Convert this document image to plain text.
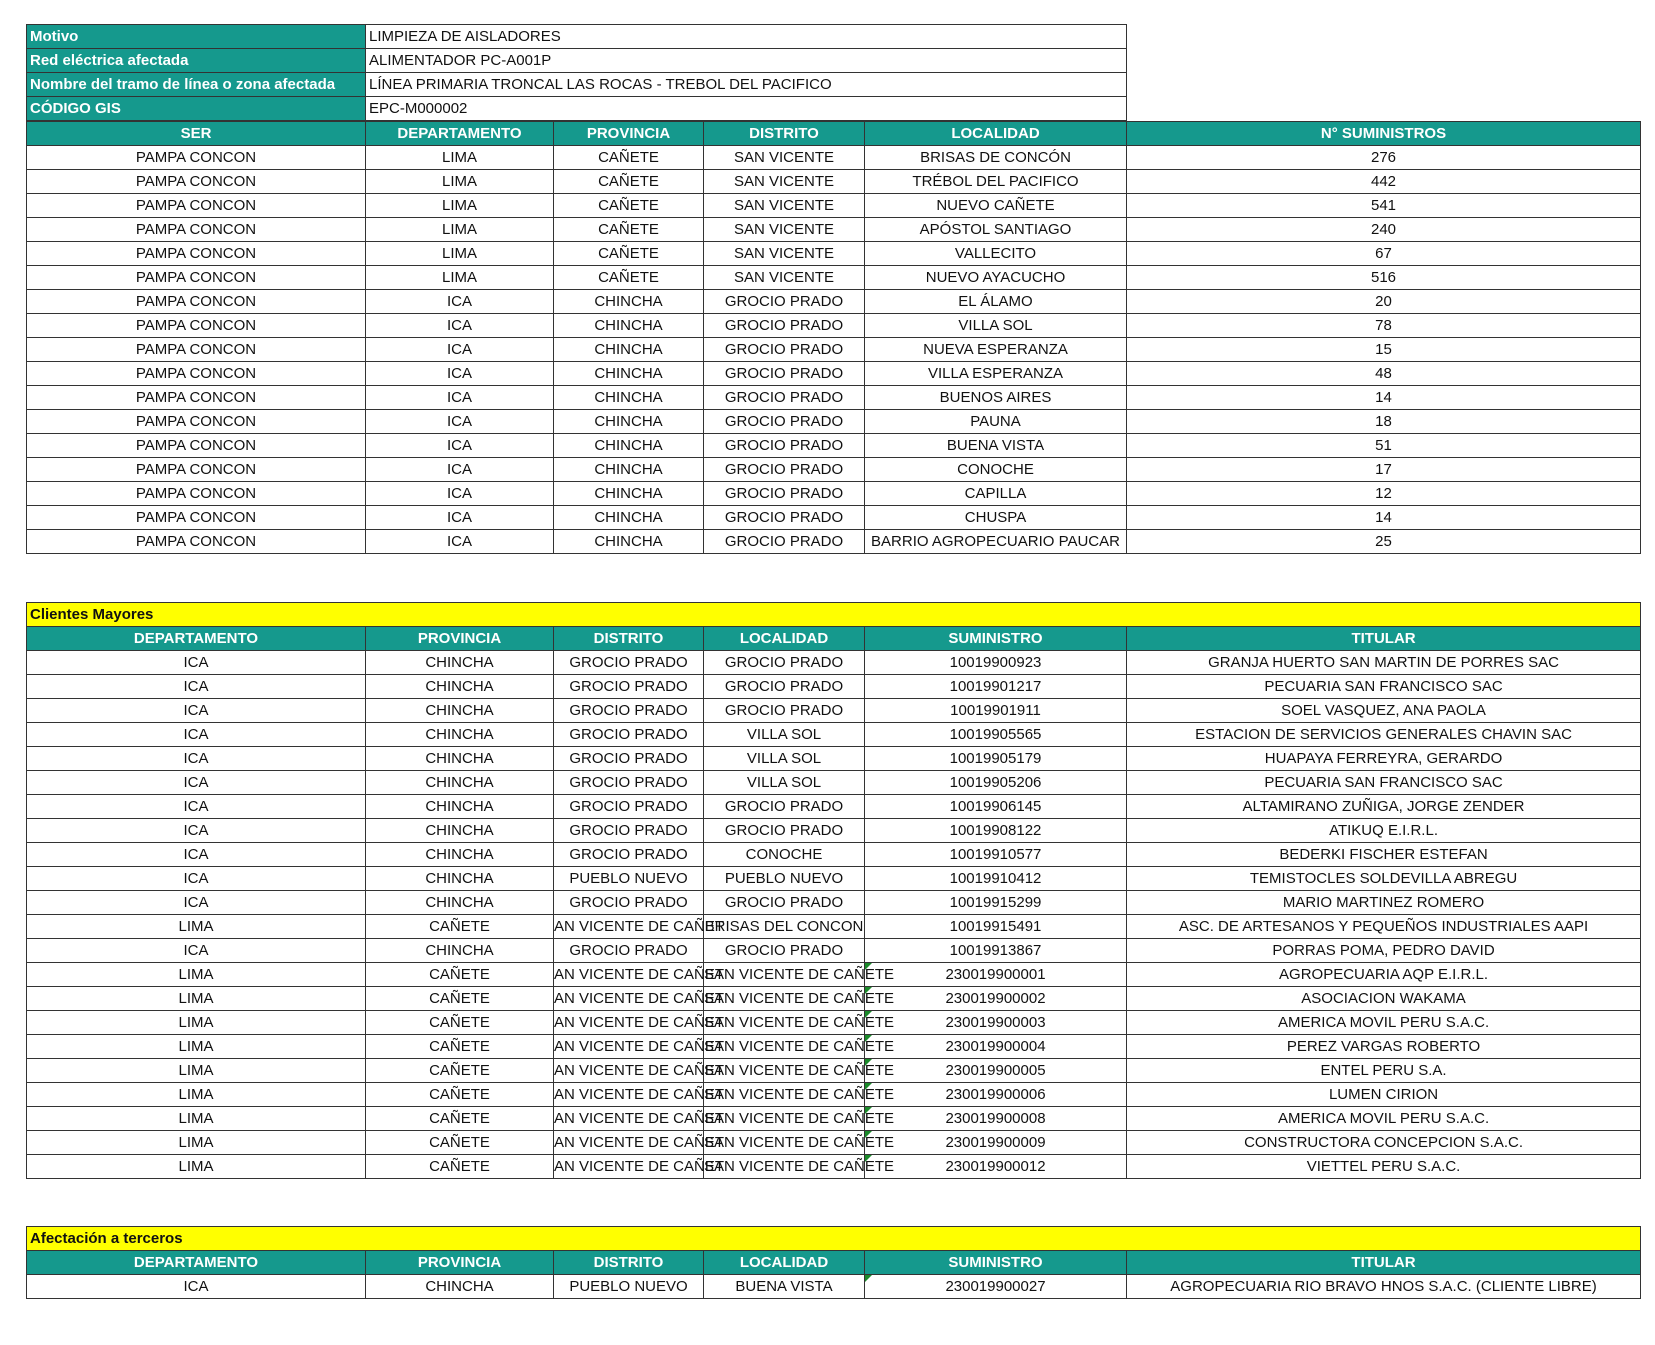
Motivo	LIMPIEZA DE AISLADORES	
Red eléctrica afectada	ALIMENTADOR PC-A001P	
Nombre del tramo de línea o zona afectada	LÍNEA PRIMARIA TRONCAL LAS ROCAS - TREBOL DEL PACIFICO	
CÓDIGO GIS	EPC-M000002	
SER	DEPARTAMENTO	PROVINCIA	DISTRITO	LOCALIDAD	N° SUMINISTROS
PAMPA CONCON	LIMA	CAÑETE	SAN VICENTE	BRISAS DE CONCÓN	276
PAMPA CONCON	LIMA	CAÑETE	SAN VICENTE	TRÉBOL DEL PACIFICO	442
PAMPA CONCON	LIMA	CAÑETE	SAN VICENTE	NUEVO CAÑETE	541
PAMPA CONCON	LIMA	CAÑETE	SAN VICENTE	APÓSTOL SANTIAGO	240
PAMPA CONCON	LIMA	CAÑETE	SAN VICENTE	VALLECITO	67
PAMPA CONCON	LIMA	CAÑETE	SAN VICENTE	NUEVO AYACUCHO	516
PAMPA CONCON	ICA	CHINCHA	GROCIO PRADO	EL ÁLAMO	20
PAMPA CONCON	ICA	CHINCHA	GROCIO PRADO	VILLA SOL	78
PAMPA CONCON	ICA	CHINCHA	GROCIO PRADO	NUEVA ESPERANZA	15
PAMPA CONCON	ICA	CHINCHA	GROCIO PRADO	VILLA ESPERANZA	48
PAMPA CONCON	ICA	CHINCHA	GROCIO PRADO	BUENOS AIRES	14
PAMPA CONCON	ICA	CHINCHA	GROCIO PRADO	PAUNA	18
PAMPA CONCON	ICA	CHINCHA	GROCIO PRADO	BUENA VISTA	51
PAMPA CONCON	ICA	CHINCHA	GROCIO PRADO	CONOCHE	17
PAMPA CONCON	ICA	CHINCHA	GROCIO PRADO	CAPILLA	12
PAMPA CONCON	ICA	CHINCHA	GROCIO PRADO	CHUSPA	14
PAMPA CONCON	ICA	CHINCHA	GROCIO PRADO	BARRIO AGROPECUARIO PAUCAR	25
Clientes Mayores					
DEPARTAMENTO	PROVINCIA	DISTRITO	LOCALIDAD	SUMINISTRO	TITULAR
ICA	CHINCHA	GROCIO PRADO	GROCIO PRADO	10019900923	GRANJA HUERTO SAN MARTIN DE PORRES SAC
ICA	CHINCHA	GROCIO PRADO	GROCIO PRADO	10019901217	PECUARIA SAN FRANCISCO SAC
ICA	CHINCHA	GROCIO PRADO	GROCIO PRADO	10019901911	SOEL VASQUEZ, ANA PAOLA
ICA	CHINCHA	GROCIO PRADO	VILLA SOL	10019905565	ESTACION DE SERVICIOS GENERALES CHAVIN SAC
ICA	CHINCHA	GROCIO PRADO	VILLA SOL	10019905179	HUAPAYA FERREYRA, GERARDO
ICA	CHINCHA	GROCIO PRADO	VILLA SOL	10019905206	PECUARIA SAN FRANCISCO SAC
ICA	CHINCHA	GROCIO PRADO	GROCIO PRADO	10019906145	ALTAMIRANO ZUÑIGA, JORGE ZENDER
ICA	CHINCHA	GROCIO PRADO	GROCIO PRADO	10019908122	ATIKUQ E.I.R.L.
ICA	CHINCHA	GROCIO PRADO	CONOCHE	10019910577	BEDERKI FISCHER ESTEFAN
ICA	CHINCHA	PUEBLO NUEVO	PUEBLO NUEVO	10019910412	TEMISTOCLES SOLDEVILLA ABREGU
ICA	CHINCHA	GROCIO PRADO	GROCIO PRADO	10019915299	MARIO MARTINEZ ROMERO
LIMA	CAÑETE	AN VICENTE DE CAÑET	BRISAS DEL CONCON	10019915491	ASC. DE ARTESANOS Y PEQUEÑOS INDUSTRIALES AAPI
ICA	CHINCHA	GROCIO PRADO	GROCIO PRADO	10019913867	PORRAS POMA, PEDRO DAVID
LIMA	CAÑETE	AN VICENTE DE CAÑET	SAN VICENTE DE CAÑETE	230019900001	AGROPECUARIA AQP E.I.R.L.
LIMA	CAÑETE	AN VICENTE DE CAÑET	SAN VICENTE DE CAÑETE	230019900002	ASOCIACION WAKAMA
LIMA	CAÑETE	AN VICENTE DE CAÑET	SAN VICENTE DE CAÑETE	230019900003	AMERICA MOVIL PERU S.A.C.
LIMA	CAÑETE	AN VICENTE DE CAÑET	SAN VICENTE DE CAÑETE	230019900004	PEREZ VARGAS ROBERTO
LIMA	CAÑETE	AN VICENTE DE CAÑET	SAN VICENTE DE CAÑETE	230019900005	ENTEL PERU S.A.
LIMA	CAÑETE	AN VICENTE DE CAÑET	SAN VICENTE DE CAÑETE	230019900006	LUMEN CIRION
LIMA	CAÑETE	AN VICENTE DE CAÑET	SAN VICENTE DE CAÑETE	230019900008	AMERICA MOVIL PERU S.A.C.
LIMA	CAÑETE	AN VICENTE DE CAÑET	SAN VICENTE DE CAÑETE	230019900009	CONSTRUCTORA CONCEPCION S.A.C.
LIMA	CAÑETE	AN VICENTE DE CAÑET	SAN VICENTE DE CAÑETE	230019900012	VIETTEL PERU S.A.C.
Afectación a terceros					
DEPARTAMENTO	PROVINCIA	DISTRITO	LOCALIDAD	SUMINISTRO	TITULAR
ICA	CHINCHA	PUEBLO NUEVO	BUENA VISTA	230019900027	AGROPECUARIA RIO BRAVO HNOS S.A.C. (CLIENTE LIBRE)
